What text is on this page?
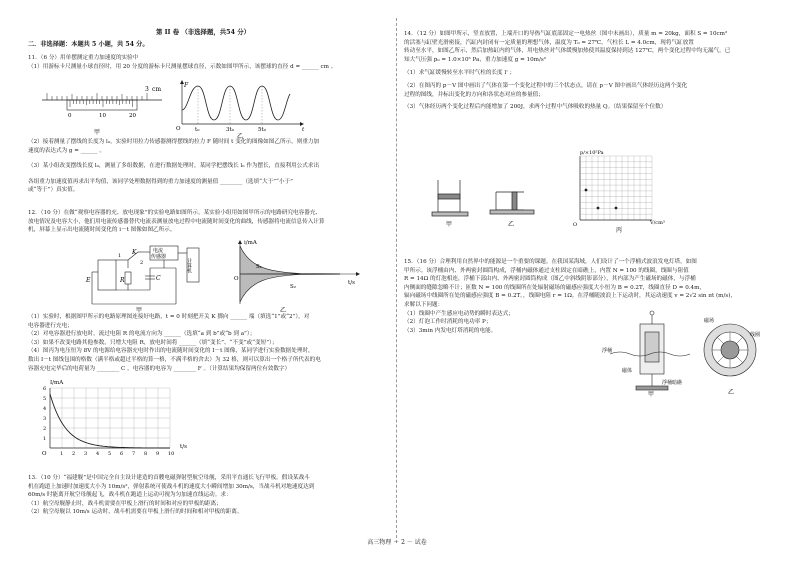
第 II 卷 （非选择题，共54 分）
二．非选择题：本题共 5 小题，共 54 分。

11．（6 分）用单摆测定重力加速度的实验中

（1）用游标卡尺测量小球直径时，用 20 分度的游标卡尺测量摆球直径，示数如图甲所示，该摆球的直径 d = ______ cm 。

3 cm
0	10	20
甲
F
O	t₀	3t₀	5t₀	t
乙

（2）接着测量了摆线的长度为 l₀，实验时用拉力传感器测得摆线的拉力 F 随时间 t 变化的图像如图乙所示，则重力加

速度的表达式为 g = ______ 。

（3）某小组改变摆线长度 l₀，测量了多组数据，在进行数据处理时，某同学把摆线长 l₀ 作为摆长，直接利用公式求出

各组重力加速度值再求出平均值，该同学处理数据得到的重力加速度的测量值 ________（选填“大于”“小于”

或“等于”）真实值。

12．（10 分）在做“观察电容器的充、放电现象”的实验电路如图所示。某实验小组用如图甲所示的电路研究电容器充、

放电情况及电容大小，他们用电流传感器替代电流表测量放电过程中电流随时间变化的曲线，传感器将电流信息传入计算

机，屏幕上显示出电流随时间变化的 i－t 图像如图乙所示。

电流
传感器
计算机
E	R	C
K
1
2
甲
i/mA
S₁
S₂
t/s
O
乙

（1）实验时，根据图甲所示的电路原理图连接好电路，t = 0 时刻把开关 K 掷向 ______ 端（填选“1”或“2”），对

电容器进行充电；

（2）对电容器进行放电时，流过电阻 R 的电流方向为 ______（选填“a 到 b”或“b 到 a”）；

（3）如果不改变电路其他参数，只增大电阻 R，放电时间将 ______（填“变长”、“不变”或“变短”）；

（4）图丙为电压恒为 8V 的电源给电容器充电时作出的电流随时间变化的 I－t 图像，某同学进行实验数据处理时，

数出 I－t 图线包围的格数（满半格或超过半格的算一格，不满半格的舍去）为 32 格，则可以算出一个格子所代表的电

容器充电完毕后的电荷量为 ________ C ，电容器的电容为 ________ F 。（计算结果均保留两位有效数字）

I/mA
t/s
O
1
2
3
4
5
6
1 2 3 4 5 6 7 8 9 10

13．（10 分）“福建舰”是中国完全自主设计建造的首艘电磁弹射型航空母舰，采用平直通长飞行甲板。假设某战斗

机在跑道上加速时加速度大小为 10m/s²，弹射系统可使战斗机的速度大小瞬间增加 30m/s，当战斗机对地速度达到

60m/s 时能离开航空母舰起飞，战斗机在跑道上运动可视为匀加速直线运动。求：

（1）航空母舰静止时，战斗机需要在甲板上滑行的时间和对应的甲板的距离；

（2）航空母舰以 10m/s 运动时，战斗机需要在甲板上滑行的时间和相对甲板的距离。

14．（12 分）如图甲所示，竖直放置，上端开口的导热气缸底部固定一电热丝（图中未画出），质量 m = 20kg，面积 S = 10cm²

的活塞与缸壁光滑密接，汽缸内封闭有一定质量的理想气体，温度为 T₀ = 27℃，气柱长 L = 4.0cm，现将气缸放置

转动至水平，如图乙所示，然后加热缸内的气体，用电热丝对气体缓慢加热使其温度保持到达 127℃，两个变化过程中均无漏气。已

知大气压强 p₀ = 1.0×10⁵ Pa，重力加速度 g = 10m/s²

（1）求气缸缓慢转至水平时气柱的长度 l' ；

（2）在图丙的 p－V 图中画出了气体在第一个变化过程中的三个状态点，请在 p－V 图中画出气体经历这两个变化

过程的图线，并标出变化的方向和各状态对应的参量值；

（3）气体经历两个变化过程后内能增加了 200J，求两个过程中气体吸收的热量 Q。（结果保留至个位数）

甲	乙
p/×10⁵Pa
V/cm³
O
丙

15．（16 分）合理利用自然界中的能源是一个重要的课题。在我国某海域，人们设计了一个浮桶式波浪发电灯塔，如图

甲所示。该浮桶由内、外两密封圆筒构成，浮桶内磁体通过支柱固定在暗礁上，内置 N = 100 的线圈，线圈与阻值

R = 14Ω 的灯泡相连，浮桶下部由内、外两密封圆筒构成（图乙中斜线阴影部分），其内部为产生磁场的磁体，与浮桶

内侧面的缝隙忽略不计；匝数 N = 100 的线圈所在处辐射磁场的磁感应强度大小恒为 B = 0.2T，线圈直径 D = 0.4m，

辐向磁场中线圈所在处的磁感应强度 B = 0.2T。，线圈电阻 r = 1Ω。在浮桶随波浪上下运动时，其运动速度 v = 2√2 sin πt (m/s)，

求解以下问题：

（1）线圈中产生感应电动势的瞬时表达式；

（2）灯泡工作时消耗的电功率 P；

（3）3min 内发电灯塔消耗的电能。

浮桶
磁体
浮桶暗礁
甲
磁场
线圈
乙
高三物理 － 2 － 试卷
